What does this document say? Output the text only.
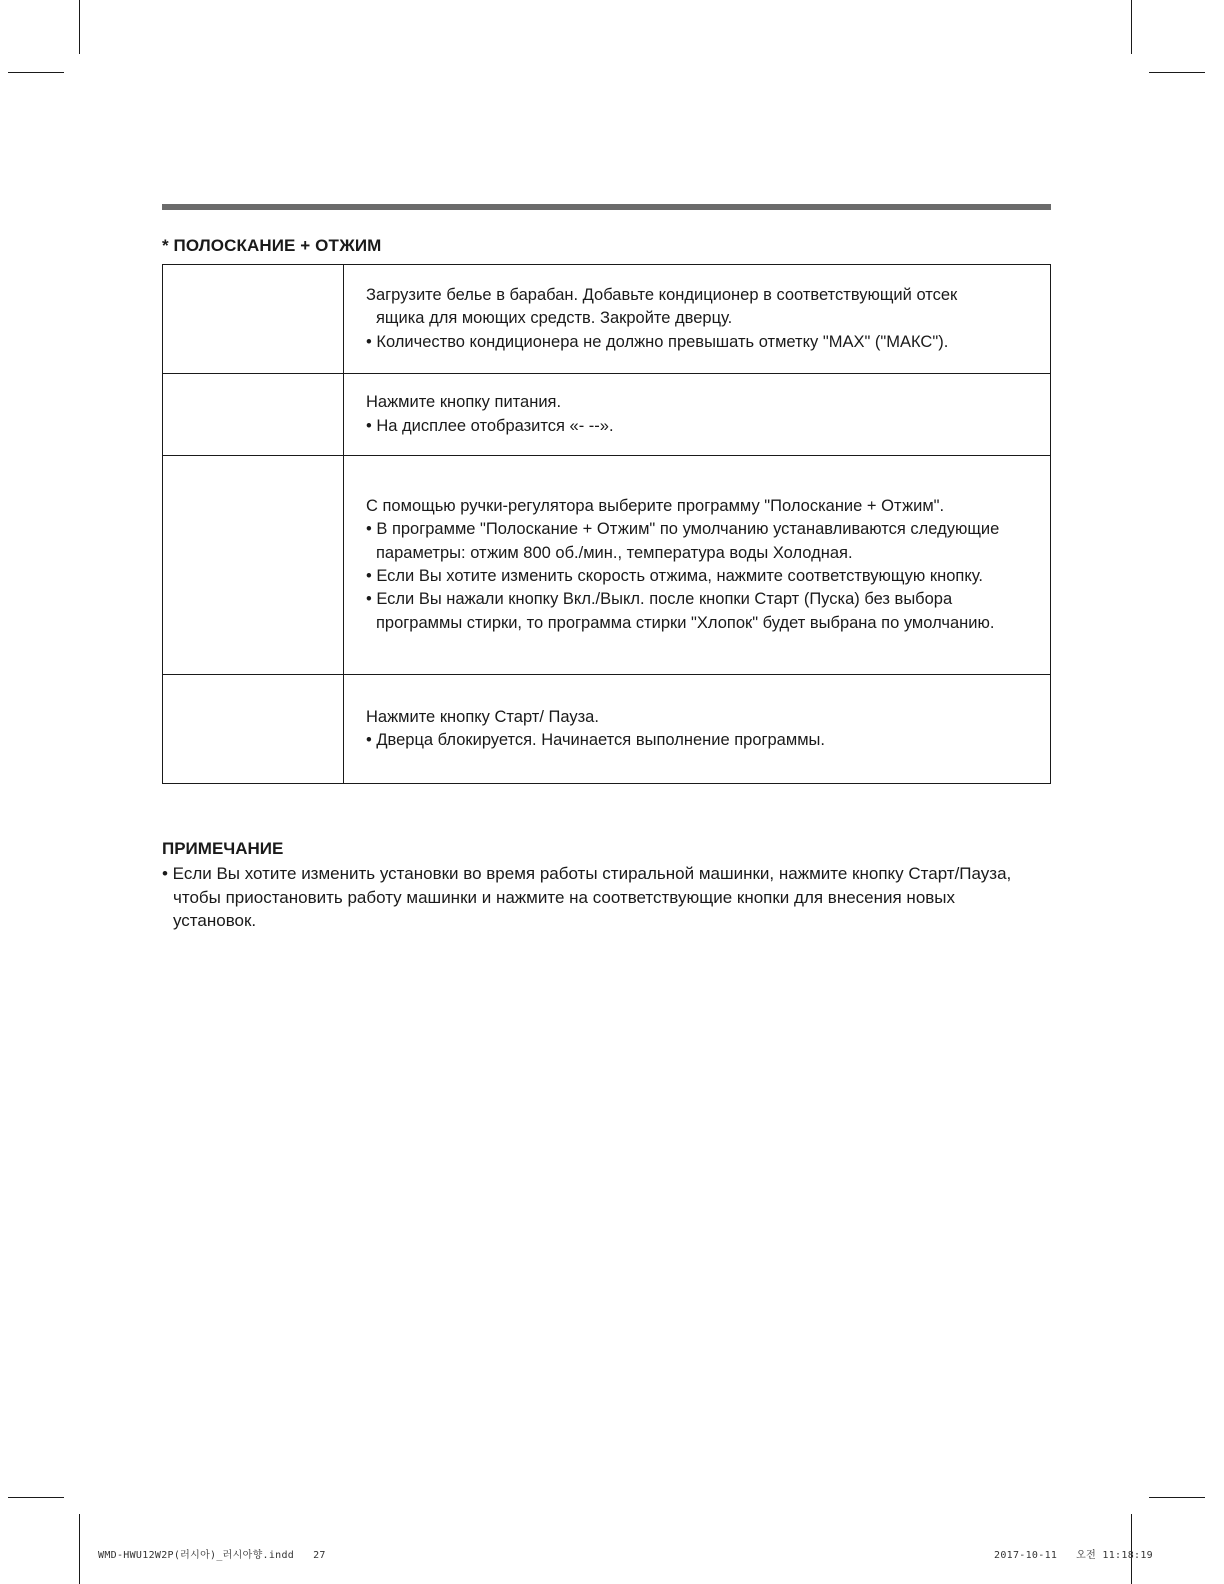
* ПОЛОСКАНИЕ + ОТЖИМ

	Загрузите белье в барабан. Добавьте кондиционер в соответствующий отсек
ящика для моющих средств. Закройте дверцу.
• Количество кондиционера не должно превышать отметку "MAX" ("МАКС").

	Нажмите кнопку питания.
• На дисплее отобразится «- --».

	С помощью ручки-регулятора выберите программу "Полоскание + Отжим".
• В программе "Полоскание + Отжим" по умолчанию устанавливаются следующие параметры: отжим 800 об./мин., температура воды Холодная.
• Если Вы хотите изменить скорость отжима, нажмите соответствующую кнопку.
• Если Вы нажали кнопку Вкл./Выкл. после кнопки Старт (Пуска) без выбора программы стирки, то программа стирки "Хлопок" будет выбрана по умолчанию.

	Нажмите кнопку Старт/ Пауза.
• Дверца блокируется. Начинается выполнение программы.
ПРИМЕЧАНИЕ
• Если Вы хотите изменить установки во время работы стиральной машинки, нажмите кнопку Старт/Пауза, чтобы приостановить работу машинки и нажмите на соответствующие кнопки для внесения новых установок.
WMD-HWU12W2P(러시아)_러시아향.indd   27	2017-10-11   오전 11:18:19
